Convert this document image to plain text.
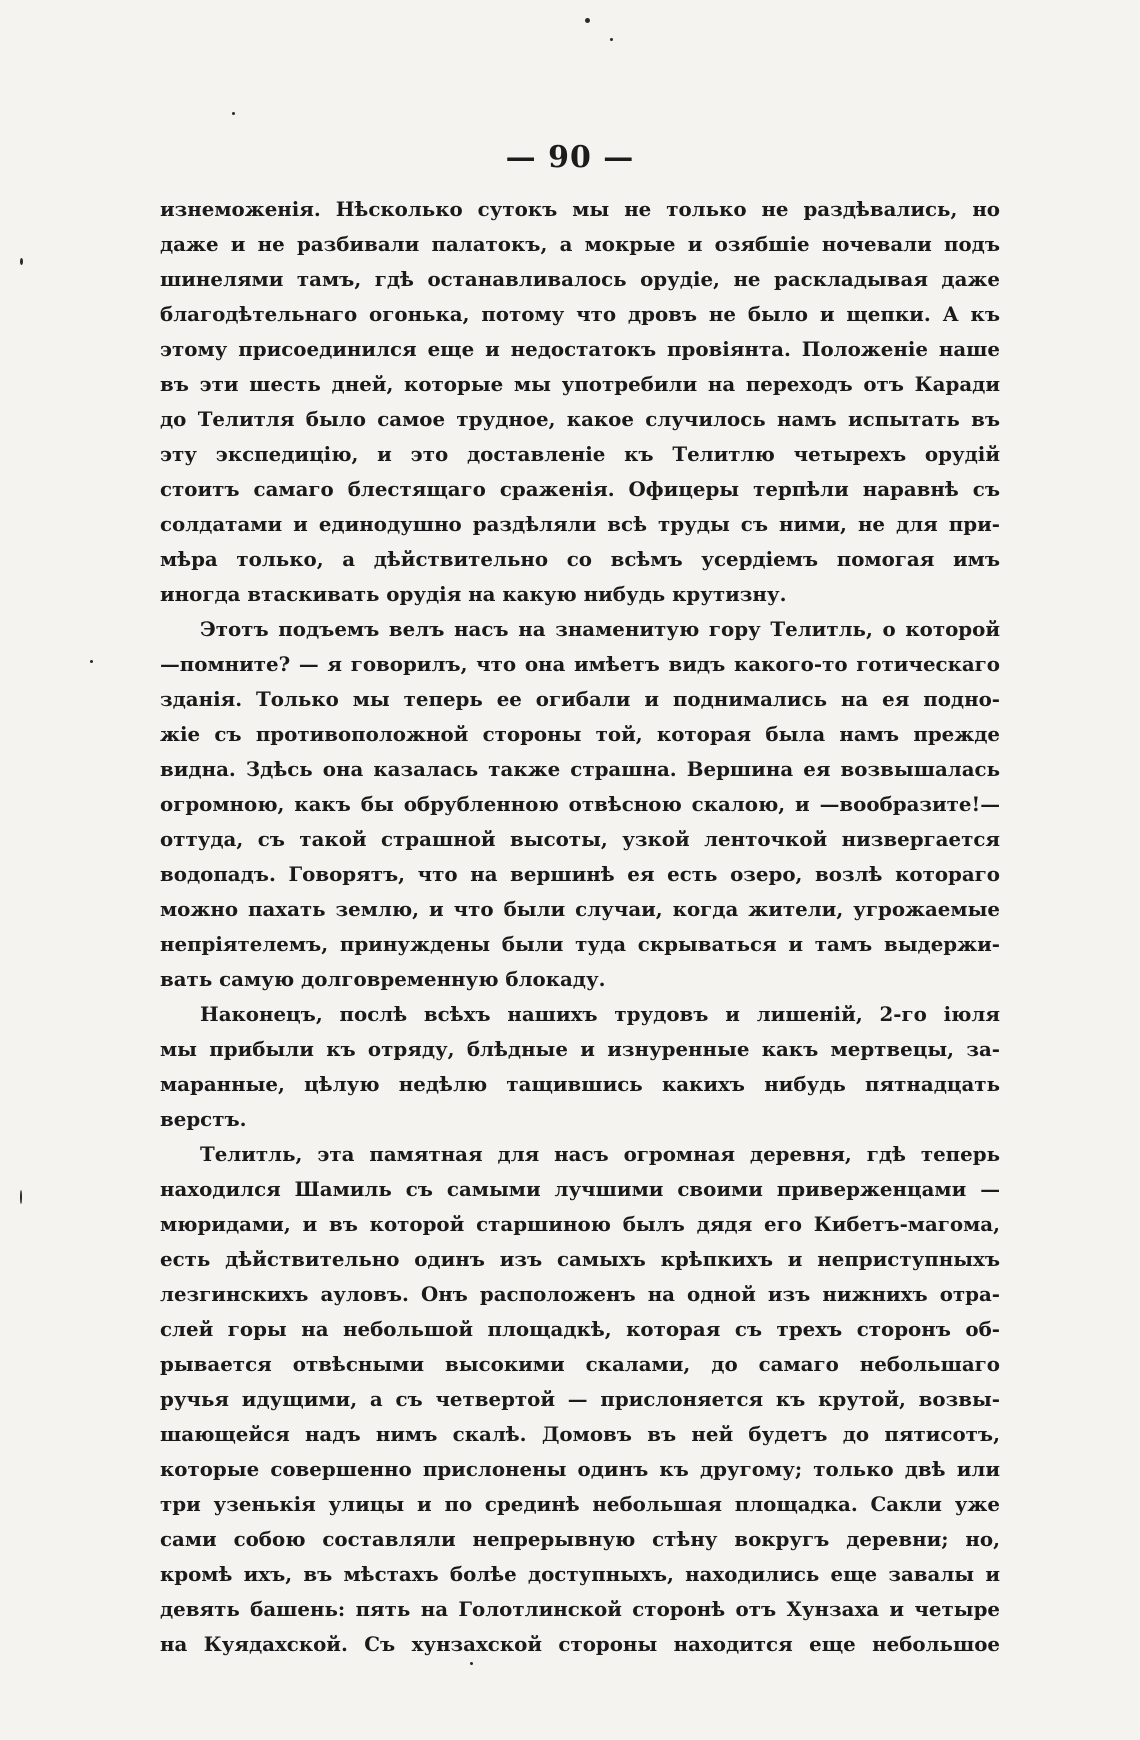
— 90 —
изнеможенія. Нѣсколько сутокъ мы не только не раздѣвались, но
даже и не разбивали палатокъ, а мокрые и озябшіе ночевали подъ
шинелями тамъ, гдѣ останавливалось орудіе, не раскладывая даже
благодѣтельнаго огонька, потому что дровъ не было и щепки. А къ
этому присоединился еще и недостатокъ провіянта. Положеніе наше
въ эти шесть дней, которые мы употребили на переходъ отъ Каради
до Телитля было самое трудное, какое случилось намъ испытать въ
эту экспедицію, и это доставленіе къ Телитлю четырехъ орудій
стоитъ самаго блестящаго сраженія. Офицеры терпѣли наравнѣ съ
солдатами и единодушно раздѣляли всѣ труды съ ними, не для при-
мѣра только, а дѣйствительно со всѣмъ усердіемъ помогая имъ
иногда втаскивать орудія на какую нибудь крутизну.
Этотъ подъемъ велъ насъ на знаменитую гору Телитль, о которой
—помните? — я говорилъ, что она имѣетъ видъ какого-то готическаго
зданія. Только мы теперь ее огибали и поднимались на ея подно-
жіе съ противоположной стороны той, которая была намъ прежде
видна. Здѣсь она казалась также страшна. Вершина ея возвышалась
огромною, какъ бы обрубленною отвѣсною скалою, и —вообразите!—
оттуда, съ такой страшной высоты, узкой ленточкой низвергается
водопадъ. Говорятъ, что на вершинѣ ея есть озеро, возлѣ котораго
можно пахать землю, и что были случаи, когда жители, угрожаемые
непріятелемъ, принуждены были туда скрываться и тамъ выдержи-
вать самую долговременную блокаду.
Наконецъ, послѣ всѣхъ нашихъ трудовъ и лишеній, 2-го іюля
мы прибыли къ отряду, блѣдные и изнуренные какъ мертвецы, за-
маранные, цѣлую недѣлю тащившись какихъ нибудь пятнадцать
верстъ.
Телитль, эта памятная для насъ огромная деревня, гдѣ теперь
находился Шамиль съ самыми лучшими своими приверженцами —
мюридами, и въ которой старшиною былъ дядя его Кибетъ-магома,
есть дѣйствительно одинъ изъ самыхъ крѣпкихъ и неприступныхъ
лезгинскихъ ауловъ. Онъ расположенъ на одной изъ нижнихъ отра-
слей горы на небольшой площадкѣ, которая съ трехъ сторонъ об-
рывается отвѣсными высокими скалами, до самаго небольшаго
ручья идущими, а съ четвертой — прислоняется къ крутой, возвы-
шающейся надъ нимъ скалѣ. Домовъ въ ней будетъ до пятисотъ,
которые совершенно прислонены одинъ къ другому; только двѣ или
три узенькія улицы и по срединѣ небольшая площадка. Сакли уже
сами собою составляли непрерывную стѣну вокругъ деревни; но,
кромѣ ихъ, въ мѣстахъ болѣе доступныхъ, находились еще завалы и
девять башень: пять на Голотлинской сторонѣ отъ Хунзаха и четыре
на Куядахской. Съ хунзахской стороны находится еще небольшое
